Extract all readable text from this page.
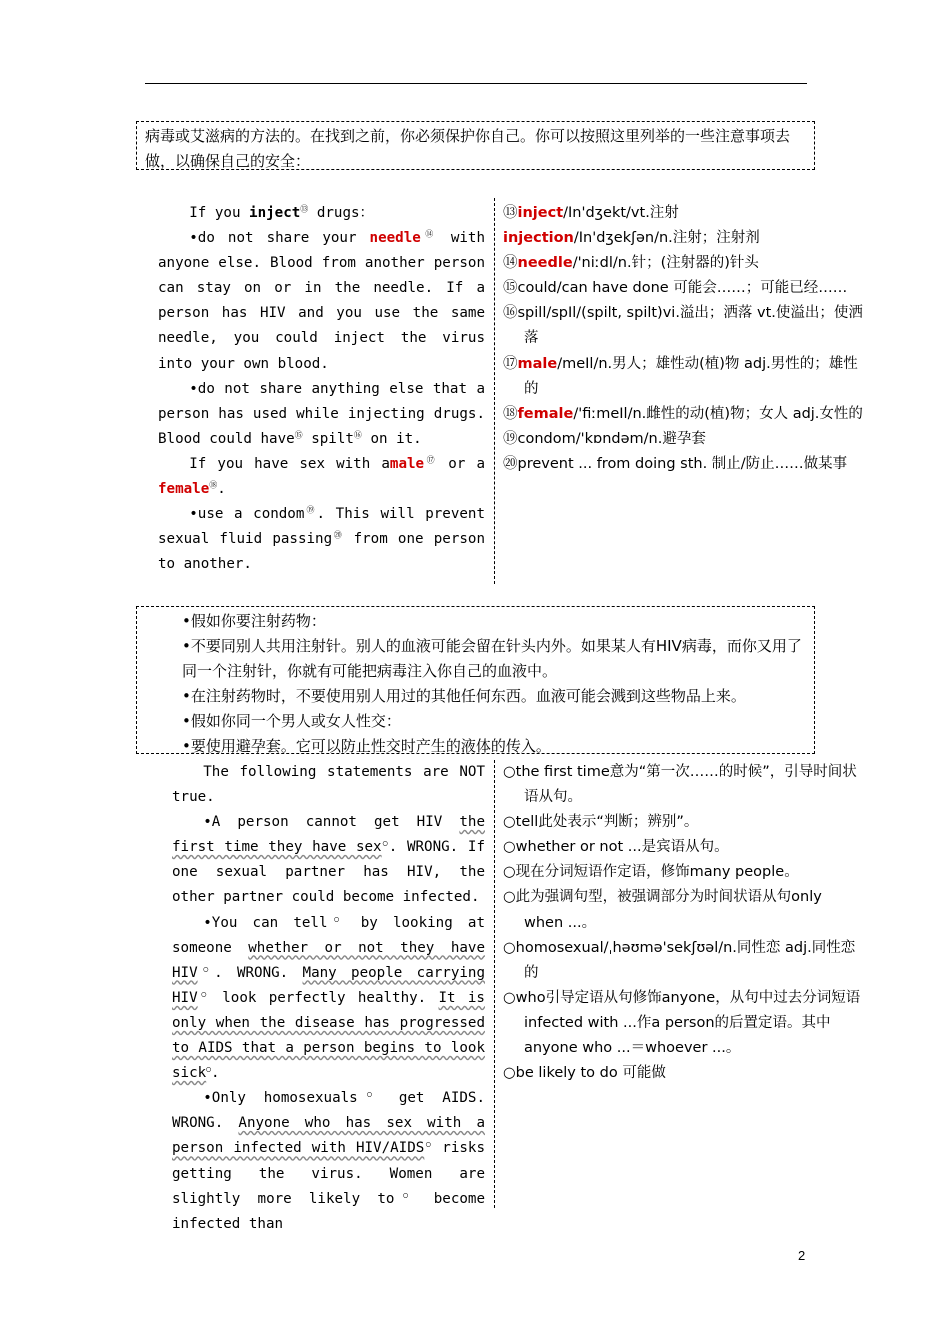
病毒或艾滋病的方法的。在找到之前，你必须保护你自己。你可以按照这里列举的一些注意事项去做，以确保自己的安全：

If you inject⑬ drugs：

•do not share your needle⑭ with anyone else. Blood from another person can stay on or in the needle. If a person has HIV and you use the same needle, you could inject the virus into your own blood.

•do not share anything else that a person has used while injecting drugs. Blood could have⑮ spilt⑯ on it.

If you have sex with amale⑰ or a female⑱.

•use a condom⑲. This will prevent sexual fluid passing⑳ from one person to another.

⑬inject/In'dʒekt/vt.注射

injection/In'dʒekʃən/n.注射；注射剂

⑭needle/'niːdl/n.针；(注射器的)针头

⑮could/can have done 可能会……；可能已经……

⑯spill/spIl/(spilt, spilt)vi.溢出；洒落 vt.使溢出；使洒落

⑰male/meIl/n.男人；雄性动(植)物 adj.男性的；雄性的

⑱female/'fiːmeIl/n.雌性的动(植)物；女人 adj.女性的

⑲condom/'kɒndəm/n.避孕套

⑳prevent ... from doing sth. 制止/防止……做某事

•假如你要注射药物：

•不要同别人共用注射针。别人的血液可能会留在针头内外。如果某人有HIV病毒，而你又用了同一个注射针，你就有可能把病毒注入你自己的血液中。

•在注射药物时，不要使用别人用过的其他任何东西。血液可能会溅到这些物品上来。

•假如你同一个男人或女人性交：

•要使用避孕套。它可以防止性交时产生的液体的传入。

The following statements are NOT true.

•A person cannot get HIV the first time they have sex○. WRONG. If one sexual partner has HIV, the other partner could become infected.

•You can tell○ by looking at someone whether or not they have HIV○. WRONG. Many people carrying HIV○ look perfectly healthy. It is only when the disease has progressed to AIDS that a person begins to look sick○.

•Only homosexuals○ get AIDS. WRONG. Anyone who has sex with a person infected with HIV/AIDS○ risks getting the virus. Women are slightly more likely to○ become infected than

○the first time意为“第一次……的时候”，引导时间状语从句。

○tell此处表示“判断；辨别”。

○whether or not ...是宾语从句。

○现在分词短语作定语，修饰many people。

○此为强调句型，被强调部分为时间状语从句only when ...。

○homosexual/ˌhəʊmə'sekʃʊəl/n.同性恋 adj.同性恋的

○who引导定语从句修饰anyone，从句中过去分词短语infected with ...作a person的后置定语。其中anyone who ...＝whoever ...。

○be likely to do 可能做

2
